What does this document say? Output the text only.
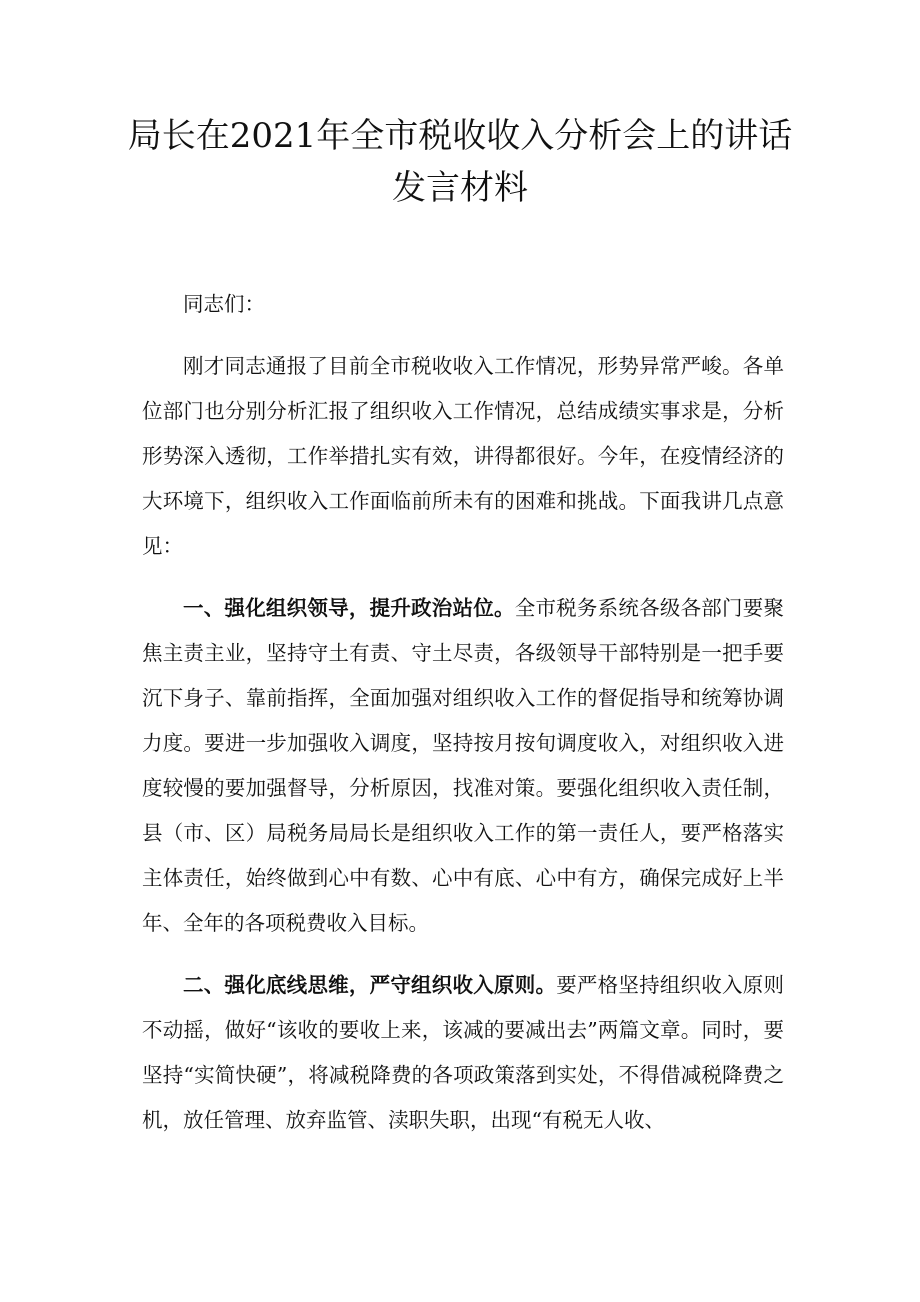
局长在2021年全市税收收入分析会上的讲话发言材料

同志们：

刚才同志通报了目前全市税收收入工作情况，形势异常严峻。各单位部门也分别分析汇报了组织收入工作情况，总结成绩实事求是，分析形势深入透彻，工作举措扎实有效，讲得都很好。今年，在疫情经济的大环境下，组织收入工作面临前所未有的困难和挑战。下面我讲几点意见：

一、强化组织领导，提升政治站位。全市税务系统各级各部门要聚焦主责主业，坚持守土有责、守土尽责，各级领导干部特别是一把手要沉下身子、靠前指挥，全面加强对组织收入工作的督促指导和统筹协调力度。要进一步加强收入调度，坚持按月按旬调度收入，对组织收入进度较慢的要加强督导，分析原因，找准对策。要强化组织收入责任制，县（市、区）局税务局局长是组织收入工作的第一责任人，要严格落实主体责任，始终做到心中有数、心中有底、心中有方，确保完成好上半年、全年的各项税费收入目标。

二、强化底线思维，严守组织收入原则。要严格坚持组织收入原则不动摇，做好“该收的要收上来，该减的要减出去”两篇文章。同时，要坚持“实简快硬”，将减税降费的各项政策落到实处，不得借减税降费之机，放任管理、放弃监管、渎职失职，出现“有税无人收、
